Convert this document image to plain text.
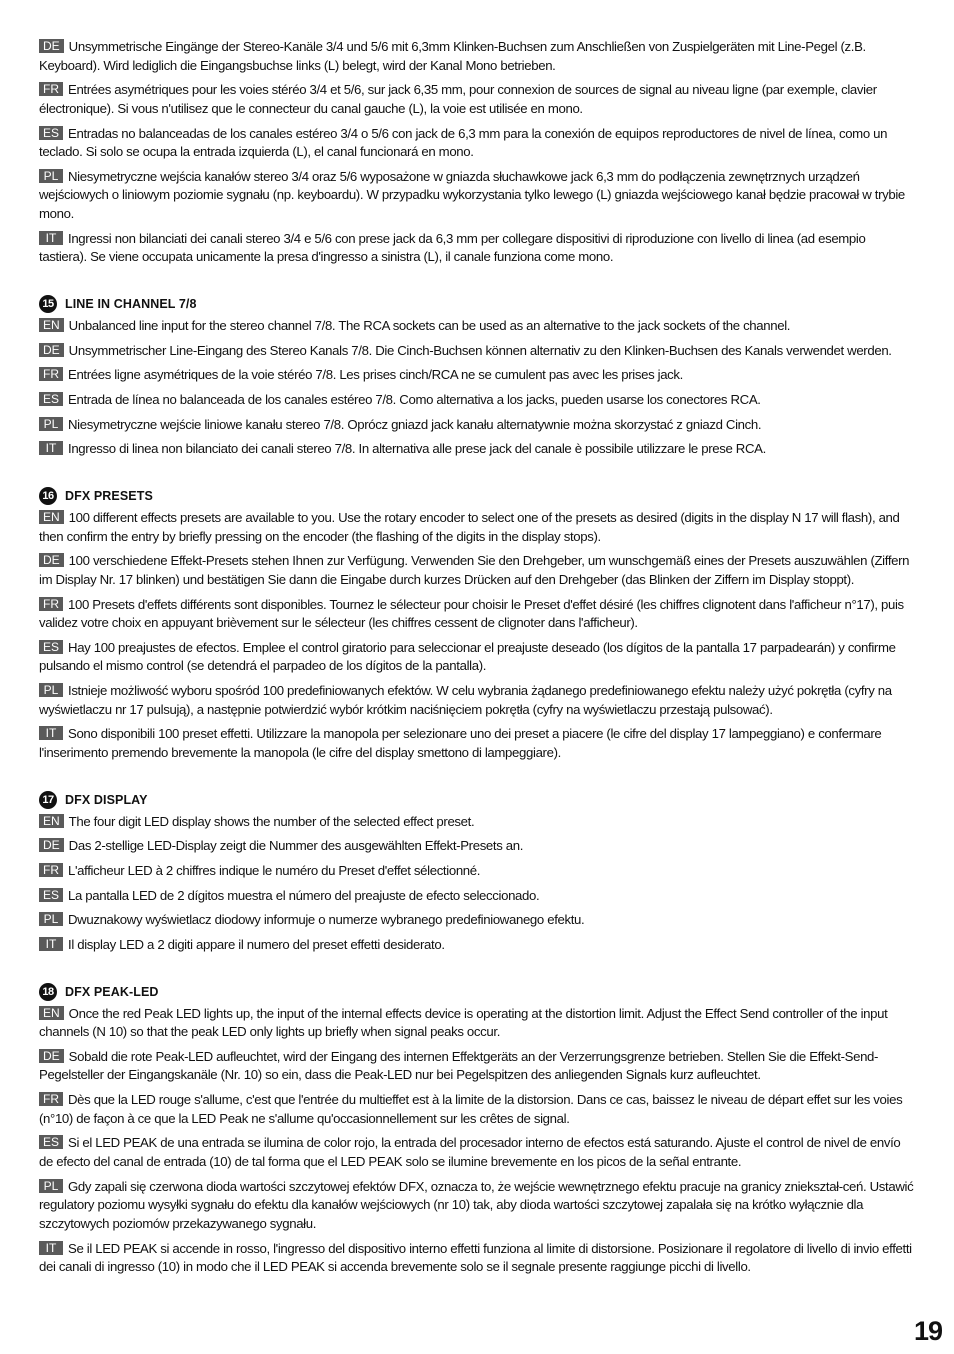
DE Unsymmetrische Eingänge der Stereo-Kanäle 3/4 und 5/6 mit 6,3mm Klinken-Buchsen zum Anschließen von Zuspielgeräten mit Line-Pegel (z.B. Keyboard). Wird lediglich die Eingangsbuchse links (L) belegt, wird der Kanal Mono betrieben.

FR Entrées asymétriques pour les voies stéréo 3/4 et 5/6, sur jack 6,35 mm, pour connexion de sources de signal au niveau ligne (par exemple, clavier électronique). Si vous n'utilisez que le connecteur du canal gauche (L), la voie est utilisée en mono.

ES Entradas no balanceadas de los canales estéreo 3/4 o 5/6 con jack de 6,3 mm para la conexión de equipos reproductores de nivel de línea, como un teclado. Si solo se ocupa la entrada izquierda (L), el canal funcionará en mono.

PL Niesymetryczne wejścia kanałów stereo 3/4 oraz 5/6 wyposażone w gniazda słuchawkowe jack 6,3 mm do podłączenia zewnętrznych urządzeń wejściowych o liniowym poziomie sygnału (np. keyboardu). W przypadku wykorzystania tylko lewego (L) gniazda wejściowego kanał będzie pracował w trybie mono.

IT Ingressi non bilanciati dei canali stereo 3/4 e 5/6 con prese jack da 6,3 mm per collegare dispositivi di riproduzione con livello di linea (ad esempio tastiera). Se viene occupata unicamente la presa d'ingresso a sinistra (L), il canale funziona come mono.

15 LINE IN CHANNEL 7/8

EN Unbalanced line input for the stereo channel 7/8. The RCA sockets can be used as an alternative to the jack sockets of the channel.

DE Unsymmetrischer Line-Eingang des Stereo Kanals 7/8. Die Cinch-Buchsen können alternativ zu den Klinken-Buchsen des Kanals verwendet werden.

FR Entrées ligne asymétriques de la voie stéréo 7/8. Les prises cinch/RCA ne se cumulent pas avec les prises jack.

ES Entrada de línea no balanceada de los canales estéreo 7/8. Como alternativa a los jacks, pueden usarse los conectores RCA.

PL Niesymetryczne wejście liniowe kanału stereo 7/8. Oprócz gniazd jack kanału alternatywnie można skorzystać z gniazd Cinch.

IT Ingresso di linea non bilanciato dei canali stereo 7/8. In alternativa alle prese jack del canale è possibile utilizzare le prese RCA.

16 DFX PRESETS

EN 100 different effects presets are available to you. Use the rotary encoder to select one of the presets as desired (digits in the display N 17 will flash), and then confirm the entry by briefly pressing on the encoder (the flashing of the digits in the display stops).

DE 100 verschiedene Effekt-Presets stehen Ihnen zur Verfügung. Verwenden Sie den Drehgeber, um wunschgemäß eines der Presets auszuwählen (Ziffern im Display Nr. 17 blinken) und bestätigen Sie dann die Eingabe durch kurzes Drücken auf den Drehgeber (das Blinken der Ziffern im Display stoppt).

FR 100 Presets d'effets différents sont disponibles. Tournez le sélecteur pour choisir le Preset d'effet désiré (les chiffres clignotent dans l'afficheur n°17), puis validez votre choix en appuyant brièvement sur le sélecteur (les chiffres cessent de clignoter dans l'afficheur).

ES Hay 100 preajustes de efectos. Emplee el control giratorio para seleccionar el preajuste deseado (los dígitos de la pantalla 17 parpadearán) y confirme pulsando el mismo control (se detendrá el parpadeo de los dígitos de la pantalla).

PL Istnieje możliwość wyboru spośród 100 predefiniowanych efektów. W celu wybrania żądanego predefiniowanego efektu należy użyć pokrętła (cyfry na wyświetlaczu nr 17 pulsują), a następnie potwierdzić wybór krótkim naciśnięciem pokrętła (cyfry na wyświetlaczu przestają pulsować).

IT Sono disponibili 100 preset effetti. Utilizzare la manopola per selezionare uno dei preset a piacere (le cifre del display 17 lampeggiano) e confermare l'inserimento premendo brevemente la manopola (le cifre del display smettono di lampeggiare).

17 DFX DISPLAY

EN The four digit LED display shows the number of the selected effect preset.

DE Das 2-stellige LED-Display zeigt die Nummer des ausgewählten Effekt-Presets an.

FR L'afficheur LED à 2 chiffres indique le numéro du Preset d'effet sélectionné.

ES La pantalla LED de 2 dígitos muestra el número del preajuste de efecto seleccionado.

PL Dwuznakowy wyświetlacz diodowy informuje o numerze wybranego predefiniowanego efektu.

IT Il display LED a 2 digiti appare il numero del preset effetti desiderato.

18 DFX PEAK-LED

EN Once the red Peak LED lights up, the input of the internal effects device is operating at the distortion limit. Adjust the Effect Send controller of the input channels (N 10) so that the peak LED only lights up briefly when signal peaks occur.

DE Sobald die rote Peak-LED aufleuchtet, wird der Eingang des internen Effektgeräts an der Verzerrungsgrenze betrieben. Stellen Sie die Effekt-Send-Pegelsteller der Eingangskanäle (Nr. 10) so ein, dass die Peak-LED nur bei Pegelspitzen des anliegenden Signals kurz aufleuchtet.

FR Dès que la LED rouge s'allume, c'est que l'entrée du multieffet est à la limite de la distorsion. Dans ce cas, baissez le niveau de départ effet sur les voies (n°10) de façon à ce que la LED Peak ne s'allume qu'occasionnellement sur les crêtes de signal.

ES Si el LED PEAK de una entrada se ilumina de color rojo, la entrada del procesador interno de efectos está saturando. Ajuste el control de nivel de envío de efecto del canal de entrada (10) de tal forma que el LED PEAK solo se ilumine brevemente en los picos de la señal entrante.

PL Gdy zapali się czerwona dioda wartości szczytowej efektów DFX, oznacza to, że wejście wewnętrznego efektu pracuje na granicy zniekształ-ceń. Ustawić regulatory poziomu wysyłki sygnału do efektu dla kanałów wejściowych (nr 10) tak, aby dioda wartości szczytowej zapalała się na krótko wyłącznie dla szczytowych poziomów przekazywanego sygnału.

IT Se il LED PEAK si accende in rosso, l'ingresso del dispositivo interno effetti funziona al limite di distorsione. Posizionare il regolatore di livello di invio effetti dei canali di ingresso (10) in modo che il LED PEAK si accenda brevemente solo se il segnale presente raggiunge picchi di livello.

19
